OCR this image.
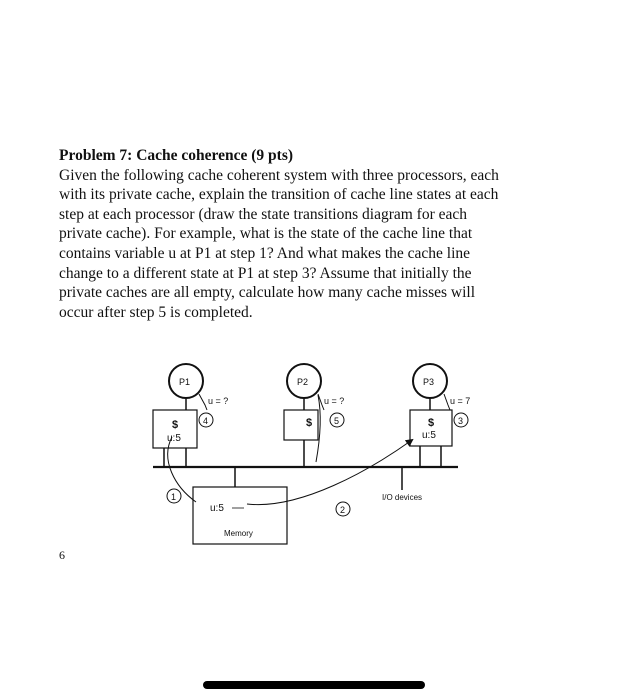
Problem 7: Cache coherence (9 pts)
Given the following cache coherent system with three processors, each
with its private cache, explain the transition of cache line states at each
step at each processor (draw the state transitions diagram for each
private cache). For example, what is the state of the cache line that
contains variable u at P1 at step 1? And what makes the cache line
change to a different state at P1 at step 3? Assume that initially the
private caches are all empty, calculate how many cache misses will
occur after step 5 is completed.
P1
$
u:5
u = ?
4
P2
$
u = ?
5
P3
$
u:5
u = 7
3
I/O devices
u:5
Memory
1
2
6
